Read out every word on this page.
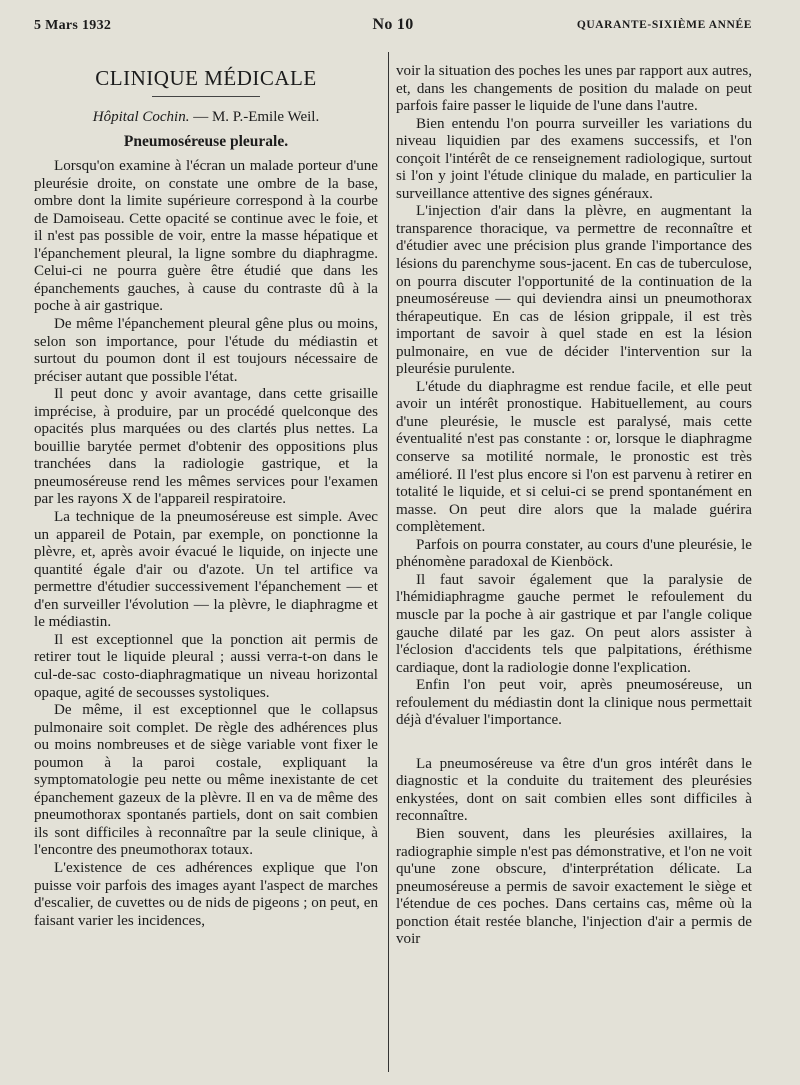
5 Mars 1932	No 10	QUARANTE-SIXIÈME ANNÉE
CLINIQUE MÉDICALE
Hôpital Cochin. — M. P.-Emile Weil.
Pneumoséreuse pleurale.

Lorsqu'on examine à l'écran un malade porteur d'une pleurésie droite, on constate une ombre de la base, ombre dont la limite supérieure correspond à la courbe de Damoiseau. Cette opacité se continue avec le foie, et il n'est pas possible de voir, entre la masse hépatique et l'épanchement pleural, la ligne sombre du diaphragme. Celui-ci ne pourra guère être étudié que dans les épanchements gauches, à cause du contraste dû à la poche à air gastrique.

De même l'épanchement pleural gêne plus ou moins, selon son importance, pour l'étude du médiastin et surtout du poumon dont il est toujours nécessaire de préciser autant que possible l'état.

Il peut donc y avoir avantage, dans cette grisaille imprécise, à produire, par un procédé quelconque des opacités plus marquées ou des clartés plus nettes. La bouillie barytée permet d'obtenir des oppositions plus tranchées dans la radiologie gastrique, et la pneumoséreuse rend les mêmes services pour l'examen par les rayons X de l'appareil respiratoire.

La technique de la pneumoséreuse est simple. Avec un appareil de Potain, par exemple, on ponctionne la plèvre, et, après avoir évacué le liquide, on injecte une quantité égale d'air ou d'azote. Un tel artifice va permettre d'étudier successivement l'épanchement — et d'en surveiller l'évolution — la plèvre, le diaphragme et le médiastin.

Il est exceptionnel que la ponction ait permis de retirer tout le liquide pleural ; aussi verra-t-on dans le cul-de-sac costo-diaphragmatique un niveau horizontal opaque, agité de secousses systoliques.

De même, il est exceptionnel que le collapsus pulmonaire soit complet. De règle des adhérences plus ou moins nombreuses et de siège variable vont fixer le poumon à la paroi costale, expliquant la symptomatologie peu nette ou même inexistante de cet épanchement gazeux de la plèvre. Il en va de même des pneumothorax spontanés partiels, dont on sait combien ils sont difficiles à reconnaître par la seule clinique, à l'encontre des pneumothorax totaux.

L'existence de ces adhérences explique que l'on puisse voir parfois des images ayant l'aspect de marches d'escalier, de cuvettes ou de nids de pigeons ; on peut, en faisant varier les incidences,

voir la situation des poches les unes par rapport aux autres, et, dans les changements de position du malade on peut parfois faire passer le liquide de l'une dans l'autre.

Bien entendu l'on pourra surveiller les variations du niveau liquidien par des examens successifs, et l'on conçoit l'intérêt de ce renseignement radiologique, surtout si l'on y joint l'étude clinique du malade, en particulier la surveillance attentive des signes généraux.

L'injection d'air dans la plèvre, en augmentant la transparence thoracique, va permettre de reconnaître et d'étudier avec une précision plus grande l'importance des lésions du parenchyme sous-jacent. En cas de tuberculose, on pourra discuter l'opportunité de la continuation de la pneumoséreuse — qui deviendra ainsi un pneumothorax thérapeutique. En cas de lésion grippale, il est très important de savoir à quel stade en est la lésion pulmonaire, en vue de décider l'intervention sur la pleurésie purulente.

L'étude du diaphragme est rendue facile, et elle peut avoir un intérêt pronostique. Habituellement, au cours d'une pleurésie, le muscle est paralysé, mais cette éventualité n'est pas constante : or, lorsque le diaphragme conserve sa motilité normale, le pronostic est très amélioré. Il l'est plus encore si l'on est parvenu à retirer en totalité le liquide, et si celui-ci se prend spontanément en masse. On peut dire alors que la malade guérira complètement.

Parfois on pourra constater, au cours d'une pleurésie, le phénomène paradoxal de Kienböck.

Il faut savoir également que la paralysie de l'hémidiaphragme gauche permet le refoulement du muscle par la poche à air gastrique et par l'angle colique gauche dilaté par les gaz. On peut alors assister à l'éclosion d'accidents tels que palpitations, éréthisme cardiaque, dont la radiologie donne l'explication.

Enfin l'on peut voir, après pneumoséreuse, un refoulement du médiastin dont la clinique nous permettait déjà d'évaluer l'importance.

La pneumoséreuse va être d'un gros intérêt dans le diagnostic et la conduite du traitement des pleurésies enkystées, dont on sait combien elles sont difficiles à reconnaître.

Bien souvent, dans les pleurésies axillaires, la radiographie simple n'est pas démonstrative, et l'on ne voit qu'une zone obscure, d'interprétation délicate. La pneumoséreuse a permis de savoir exactement le siège et l'étendue de ces poches. Dans certains cas, même où la ponction était restée blanche, l'injection d'air a permis de voir
